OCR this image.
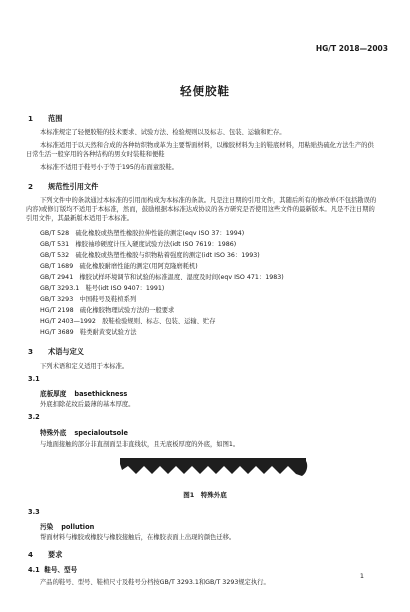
HG/T 2018—2003
轻便胶鞋
1 范围
本标准规定了轻便胶鞋的技术要求、试验方法、检验规则以及标志、包装、运输和贮存。
本标准适用于以天然和合成的各种纺织物或革为主要帮面材料，以橡胶材料为主的鞋底材料，用粘贴热硫化方法生产的供日常生活一般穿用的各种结构的男女时装鞋和便鞋
本标准不适用于鞋号小于等于195的布面童胶鞋。
2 规范性引用文件
下列文件中的条款通过本标准的引用而构成为本标准的条款。凡是注日期的引用文件，其随后所有的修改单(不包括勘误的内容)或修订版均不适用于本标准，然而，鼓励根据本标准达成协议的各方研究是否使用这些文件的最新版本。凡是不注日期的引用文件，其最新版本适用于本标准。
GB/T 528　硫化橡胶或热塑性橡胶拉伸性能的测定(eqv ISO 37：1994)
GB/T 531　橡胶袖珍硬度计压入硬度试验方法(idt ISO 7619：1986)
GB/T 532　硫化橡胶或热塑性橡胶与织物粘着强度的测定(idt ISO 36：1993)
GB/T 1689　硫化橡胶耐磨性能的测定(用阿克隆磨耗机)
GB/T 2941　橡胶试样环境调节和试验的标准温度、湿度及时间(eqv ISO 471：1983)
GB/T 3293.1　鞋号(idt ISO 9407：1991)
GB/T 3293　中国鞋号及鞋楦系列
HG/T 2198　硫化橡胶物理试验方法的一般要求
HG/T 2403—1992　胶鞋检验规则、标志、包装、运输、贮存
HG/T 3689　鞋类耐黄变试验方法
3 术语与定义
下列术语和定义适用于本标准。
3.1
底板厚度 basethickness
外底扣除花纹后最薄的基本厚度。
3.2
特殊外底 specialoutsole
与地面接触的部分非直剖面呈非直线状，且无底板厚度的外底，如图1。
图1　特殊外底
3.3
污染 pollution
帮面材料与橡胶或橡胶与橡胶接触后，在橡胶表面上出现的颜色迁移。
4 要求
4.1 鞋号、型号
产品的鞋号、型号、鞋楦尺寸及鞋号分档按GB/T 3293.1和GB/T 3293规定执行。
1
